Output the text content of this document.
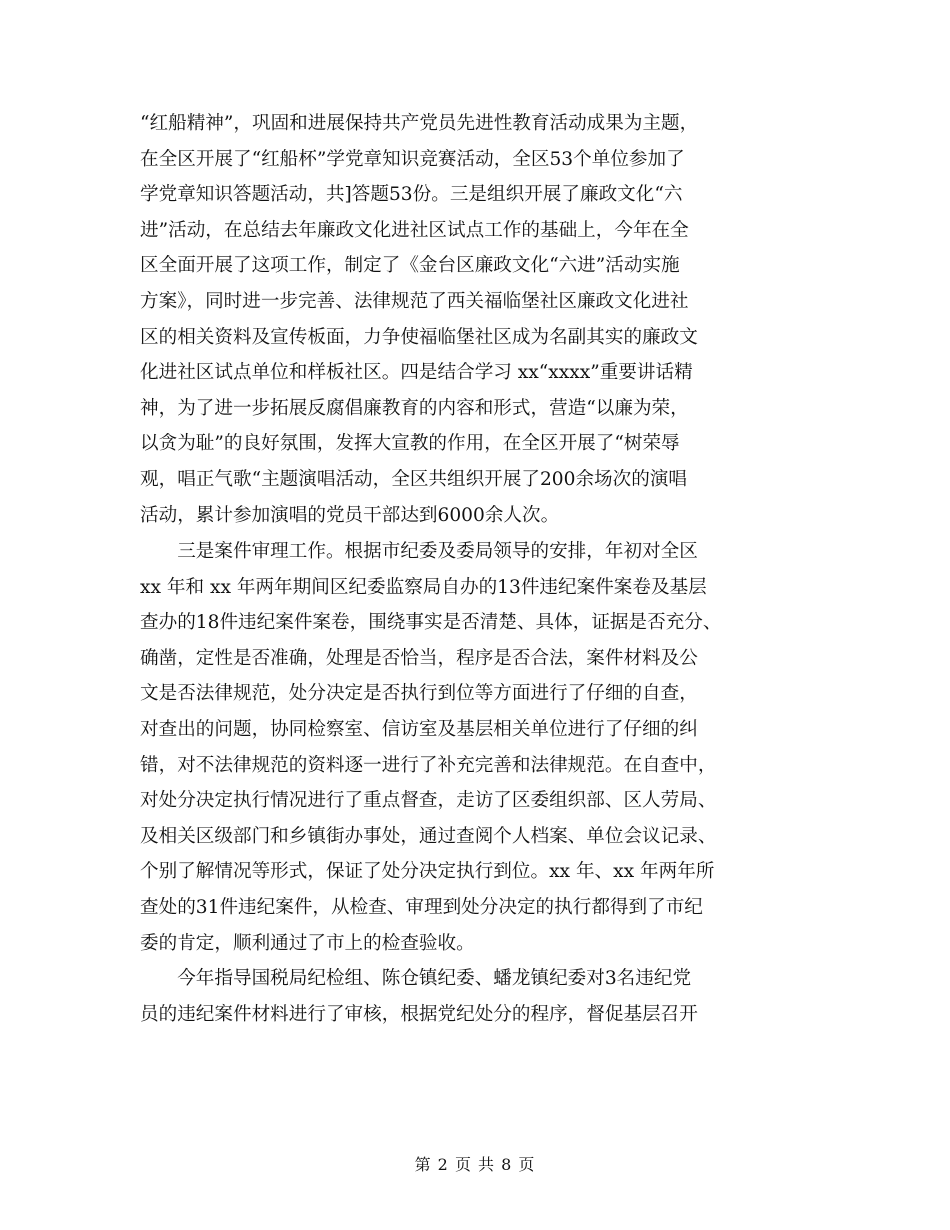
“红船精神”，巩固和进展保持共产党员先进性教育活动成果为主题，
在全区开展了“红船杯”学党章知识竞赛活动，全区53个单位参加了
学党章知识答题活动，共]答题53份。三是组织开展了廉政文化“六
进”活动，在总结去年廉政文化进社区试点工作的基础上，今年在全
区全面开展了这项工作，制定了《金台区廉政文化“六进”活动实施
方案》，同时进一步完善、法律规范了西关福临堡社区廉政文化进社
区的相关资料及宣传板面，力争使福临堡社区成为名副其实的廉政文
化进社区试点单位和样板社区。四是结合学习 xx“xxxx”重要讲话精
神，为了进一步拓展反腐倡廉教育的内容和形式，营造“以廉为荣，
以贪为耻”的良好氛围，发挥大宣教的作用，在全区开展了“树荣辱
观，唱正气歌“主题演唱活动，全区共组织开展了200余场次的演唱
活动，累计参加演唱的党员干部达到6000余人次。
　　三是案件审理工作。根据市纪委及委局领导的安排，年初对全区
xx 年和 xx 年两年期间区纪委监察局自办的13件违纪案件案卷及基层
查办的18件违纪案件案卷，围绕事实是否清楚、具体，证据是否充分、
确凿，定性是否准确，处理是否恰当，程序是否合法，案件材料及公
文是否法律规范，处分决定是否执行到位等方面进行了仔细的自查，
对查出的问题，协同检察室、信访室及基层相关单位进行了仔细的纠
错，对不法律规范的资料逐一进行了补充完善和法律规范。在自查中，
对处分决定执行情况进行了重点督查，走访了区委组织部、区人劳局、
及相关区级部门和乡镇街办事处，通过查阅个人档案、单位会议记录、
个别了解情况等形式，保证了处分决定执行到位。xx 年、xx 年两年所
查处的31件违纪案件，从检查、审理到处分决定的执行都得到了市纪
委的肯定，顺利通过了市上的检查验收。
　　今年指导国税局纪检组、陈仓镇纪委、蟠龙镇纪委对3名违纪党
员的违纪案件材料进行了审核，根据党纪处分的程序，督促基层召开
第 2 页 共 8 页
